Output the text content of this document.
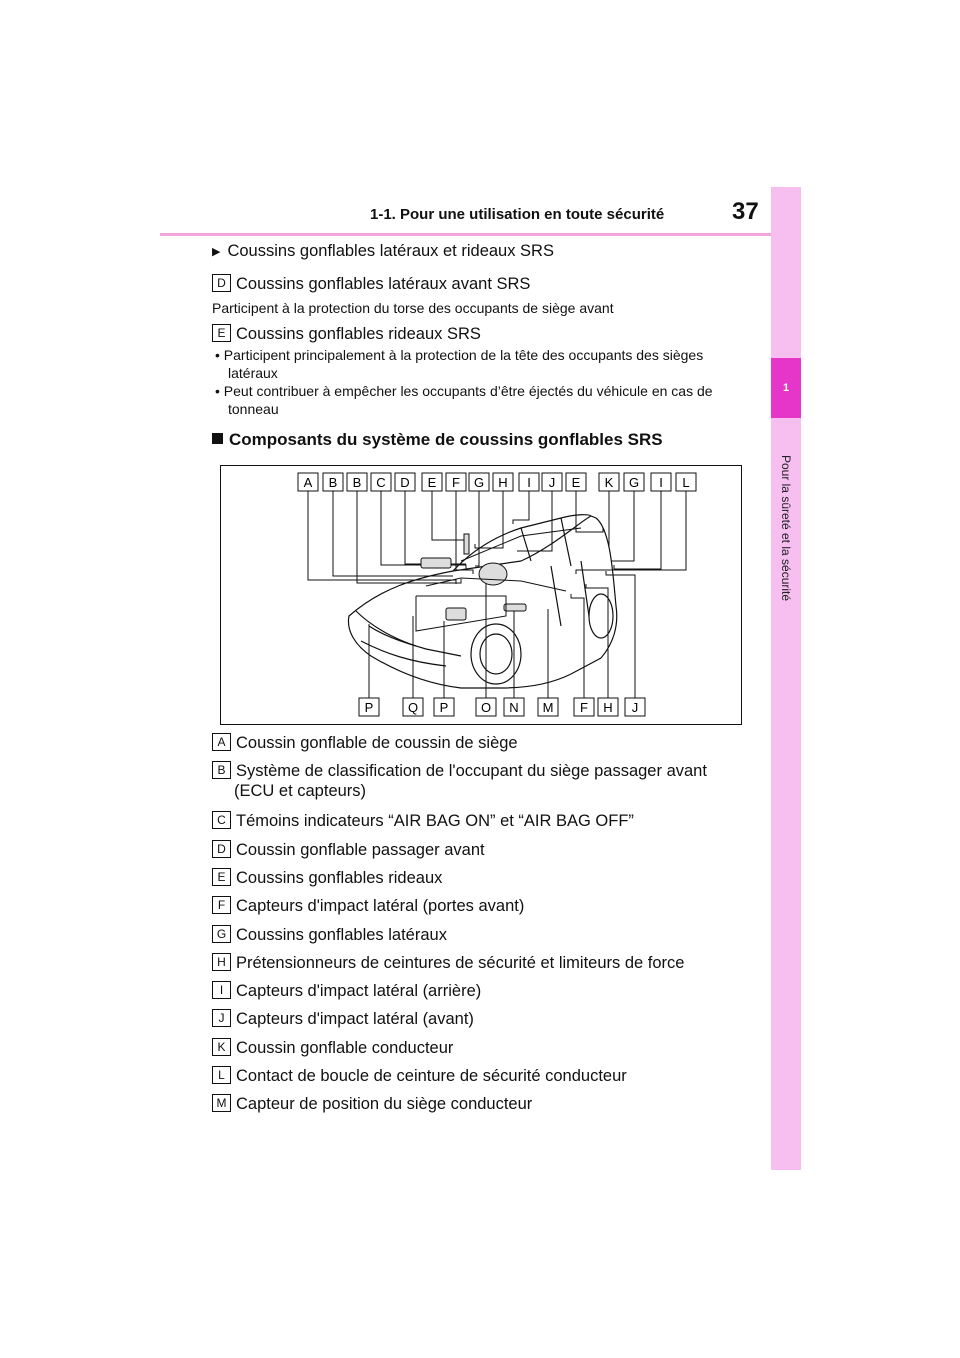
1-1. Pour une utilisation en toute sécurité	37
1
Pour la sûreté et la sécurité
▶ Coussins gonflables latéraux et rideaux SRS
D Coussins gonflables latéraux avant SRS
Participent à la protection du torse des occupants de siège avant
E Coussins gonflables rideaux SRS
• Participent principalement à la protection de la tête des occupants des sièges latéraux
• Peut contribuer à empêcher les occupants d’être éjectés du véhicule en cas de tonneau
Composants du système de coussins gonflables SRS
A B B C D E F G H I J E K G I L
P	Q P	O N M F H J
A Coussin gonflable de coussin de siège
B Système de classification de l'occupant du siège passager avant
(ECU et capteurs)
C Témoins indicateurs “AIR BAG ON” et “AIR BAG OFF”
D Coussin gonflable passager avant
E Coussins gonflables rideaux
F Capteurs d'impact latéral (portes avant)
G Coussins gonflables latéraux
H Prétensionneurs de ceintures de sécurité et limiteurs de force
I Capteurs d'impact latéral (arrière)
J Capteurs d'impact latéral (avant)
K Coussin gonflable conducteur
L Contact de boucle de ceinture de sécurité conducteur
M Capteur de position du siège conducteur
